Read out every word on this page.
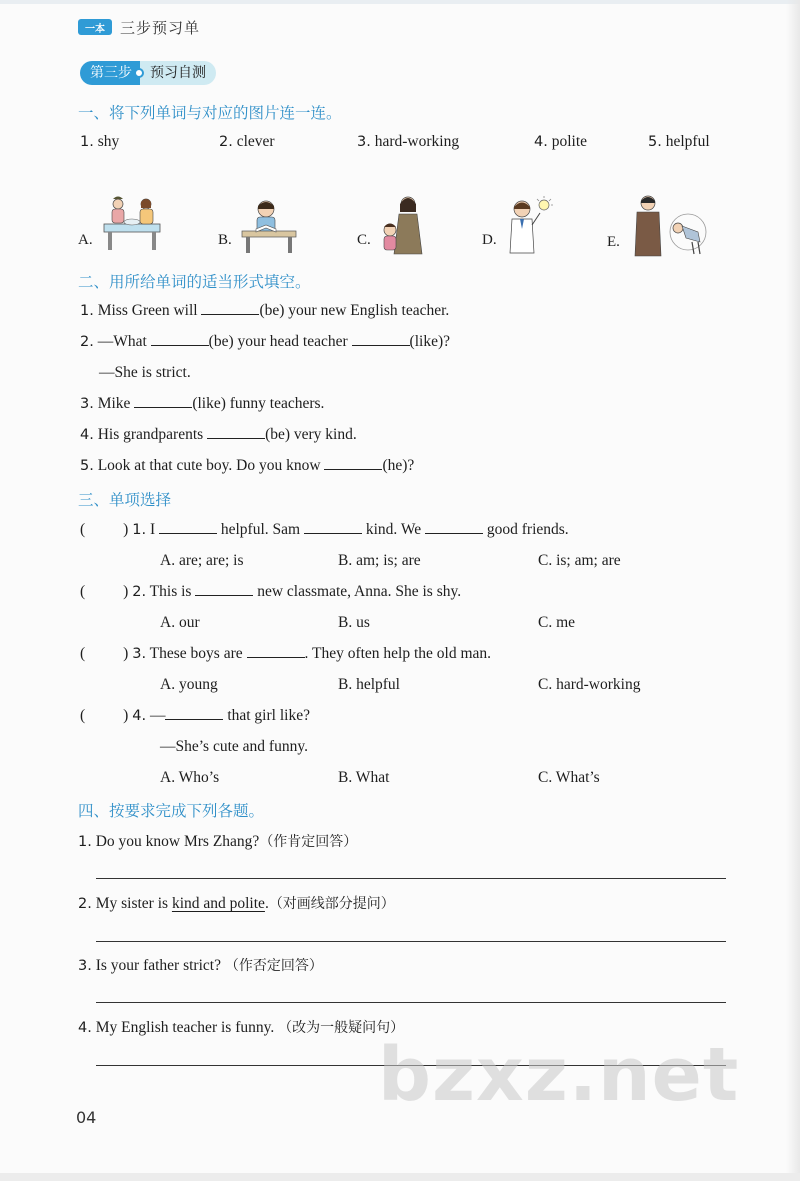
一本	三步预习单
第三步	预习自测
一、将下列单词与对应的图片连一连。
1. shy	2. clever	3. hard-working	4. polite	5. helpful
A.	B.	C.	D.	E.
二、用所给单词的适当形式填空。
1. Miss Green will	(be) your new English teacher.
2. —What	(be) your head teacher	(like)?
—She is strict.
3. Mike	(like) funny teachers.
4. His grandparents	(be) very kind.
5. Look at that cute boy. Do you know	(he)?
三、单项选择
( ) 1. I	helpful. Sam	kind. We	good friends.
A. are; are; is	B. am; is; are	C. is; am; are
( ) 2. This is	new classmate, Anna. She is shy.
A. our	B. us	C. me
( ) 3. These boys are	. They often help the old man.
A. young	B. helpful	C. hard-working
( ) 4. —	that girl like?
—She’s cute and funny.
A. Who’s	B. What	C. What’s
四、按要求完成下列各题。
1. Do you know Mrs Zhang?（作肯定回答）
2. My sister is kind and polite.（对画线部分提问）
3. Is your father strict? （作否定回答）
4. My English teacher is funny. （改为一般疑问句）
bzxz.net
04
